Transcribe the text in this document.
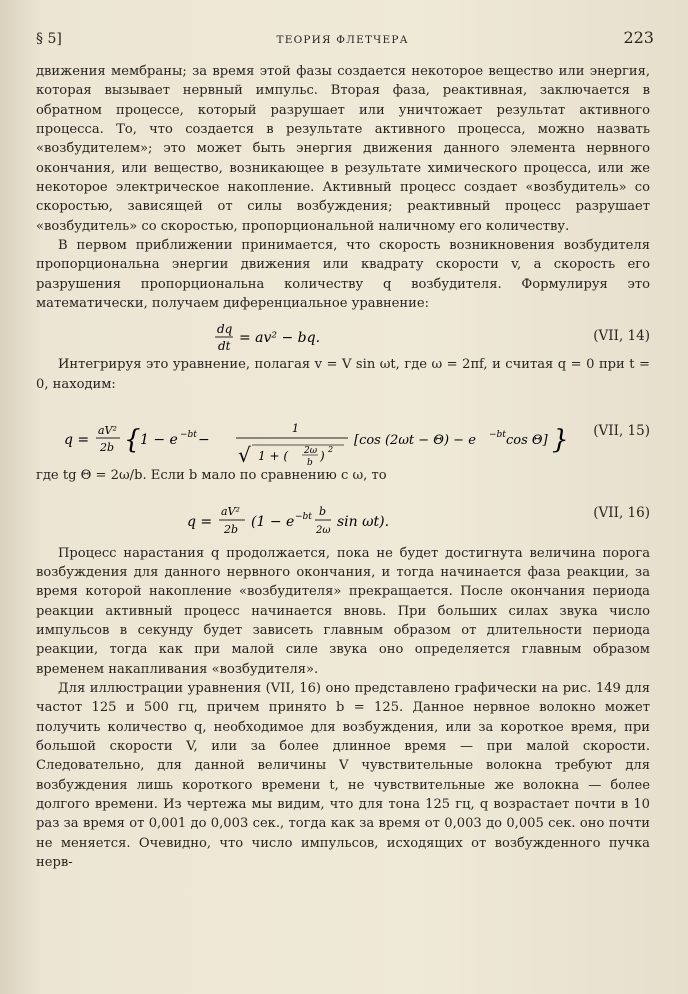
§ 5]	ТЕОРИЯ ФЛЕТЧЕРА	223

движения мембраны; за время этой фазы создается некоторое вещество или энергия, которая вызывает нервный импульс. Вторая фаза, реактивная, заключается в обратном процессе, который разрушает или уничтожает результат активного процесса. То, что создается в результате активного процесса, можно назвать «возбудителем»; это может быть энергия движения данного элемента нервного окончания, или вещество, возникающее в результате химического процесса, или же некоторое электрическое накопление. Активный процесс создает «возбудитель» со скоростью, зависящей от силы возбуждения; реактивный процесс разрушает «возбудитель» со скоростью, пропорциональной наличному его количеству.

В первом приближении принимается, что скорость возникновения возбудителя пропорциональна энергии движения или квадрату скорости v, а скорость его разрушения пропорциональна количеству q возбудителя. Формулируя это математически, получаем диференциальное уравнение:

dq
dt = av² − bq.	(VII, 14)

Интегрируя это уравнение, полагая v = V sin ωt, где ω = 2πf, и считая q = 0 при t = 0, находим:

q =
aV²
2b { 1 − e −bt −
1
√ 1 + ( 2ω
b ) 2
[cos (2ωt − Θ) − e −bt cos Θ] } (VII, 15)

где tg Θ = 2ω/b. Если b мало по сравнению с ω, то

q =
aV²
2b (1 − e −bt b
2ω
sin ωt).
(VII, 16)

Процесс нарастания q продолжается, пока не будет достигнута величина порога возбуждения для данного нервного окончания, и тогда начинается фаза реакции, за время которой накопление «возбудителя» прекращается. После окончания периода реакции активный процесс начинается вновь. При больших силах звука число импульсов в секунду будет зависеть главным образом от длительности периода реакции, тогда как при малой силе звука оно определяется главным образом временем накапливания «возбудителя».

Для иллюстрации уравнения (VII, 16) оно представлено графически на рис. 149 для частот 125 и 500 гц, причем принято b = 125. Данное нервное волокно может получить количество q, необходимое для возбуждения, или за короткое время, при большой скорости V, или за более длинное время — при малой скорости. Следовательно, для данной величины V чувствительные волокна требуют для возбуждения лишь короткого времени t, не чувствительные же волокна — более долгого времени. Из чертежа мы видим, что для тона 125 гц, q возрастает почти в 10 раз за время от 0,001 до 0,003 сек., тогда как за время от 0,003 до 0,005 сек. оно почти не меняется. Очевидно, что число импульсов, исходящих от возбужденного пучка нерв-
